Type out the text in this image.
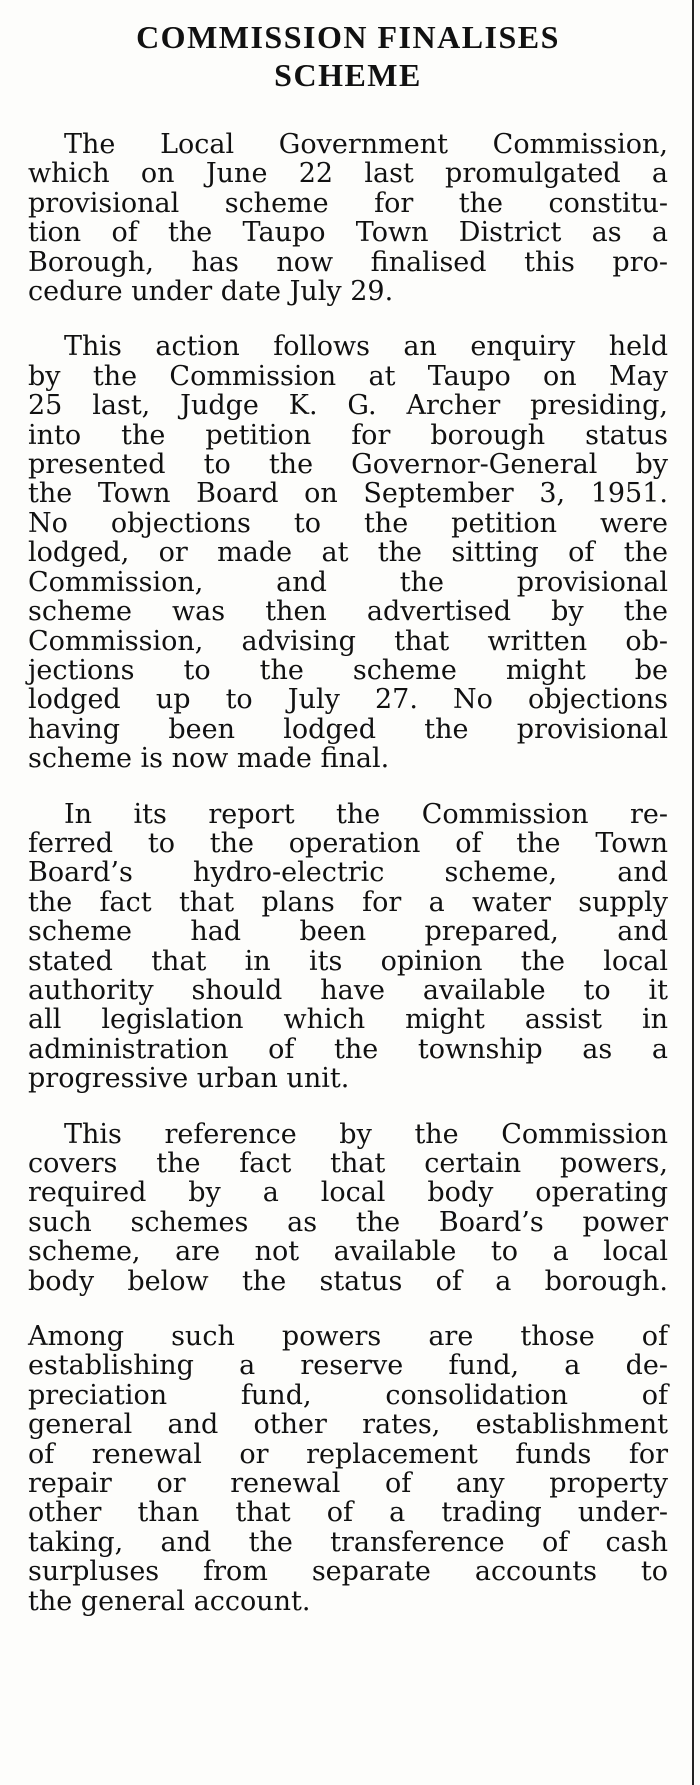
COMMISSION FINALISES
SCHEME
The Local Government Commission,
which on June 22 last promulgated a
provisional scheme for the constitu-
tion of the Taupo Town District as a
Borough, has now finalised this pro-
cedure under date July 29.
This action follows an enquiry held
by the Commission at Taupo on May
25 last, Judge K. G. Archer presiding,
into the petition for borough status
presented to the Governor-General by
the Town Board on September 3, 1951.
No objections to the petition were
lodged, or made at the sitting of the
Commission, and the provisional
scheme was then advertised by the
Commission, advising that written ob-
jections to the scheme might be
lodged up to July 27. No objections
having been lodged the provisional
scheme is now made final.
In its report the Commission re-
ferred to the operation of the Town
Board’s hydro-electric scheme, and
the fact that plans for a water supply
scheme had been prepared, and
stated that in its opinion the local
authority should have available to it
all legislation which might assist in
administration of the township as a
progressive urban unit.
This reference by the Commission
covers the fact that certain powers,
required by a local body operating
such schemes as the Board’s power
scheme, are not available to a local
body below the status of a borough.
Among such powers are those of
establishing a reserve fund, a de-
preciation fund, consolidation of
general and other rates, establishment
of renewal or replacement funds for
repair or renewal of any property
other than that of a trading under-
taking, and the transference of cash
surpluses from separate accounts to
the general account.
